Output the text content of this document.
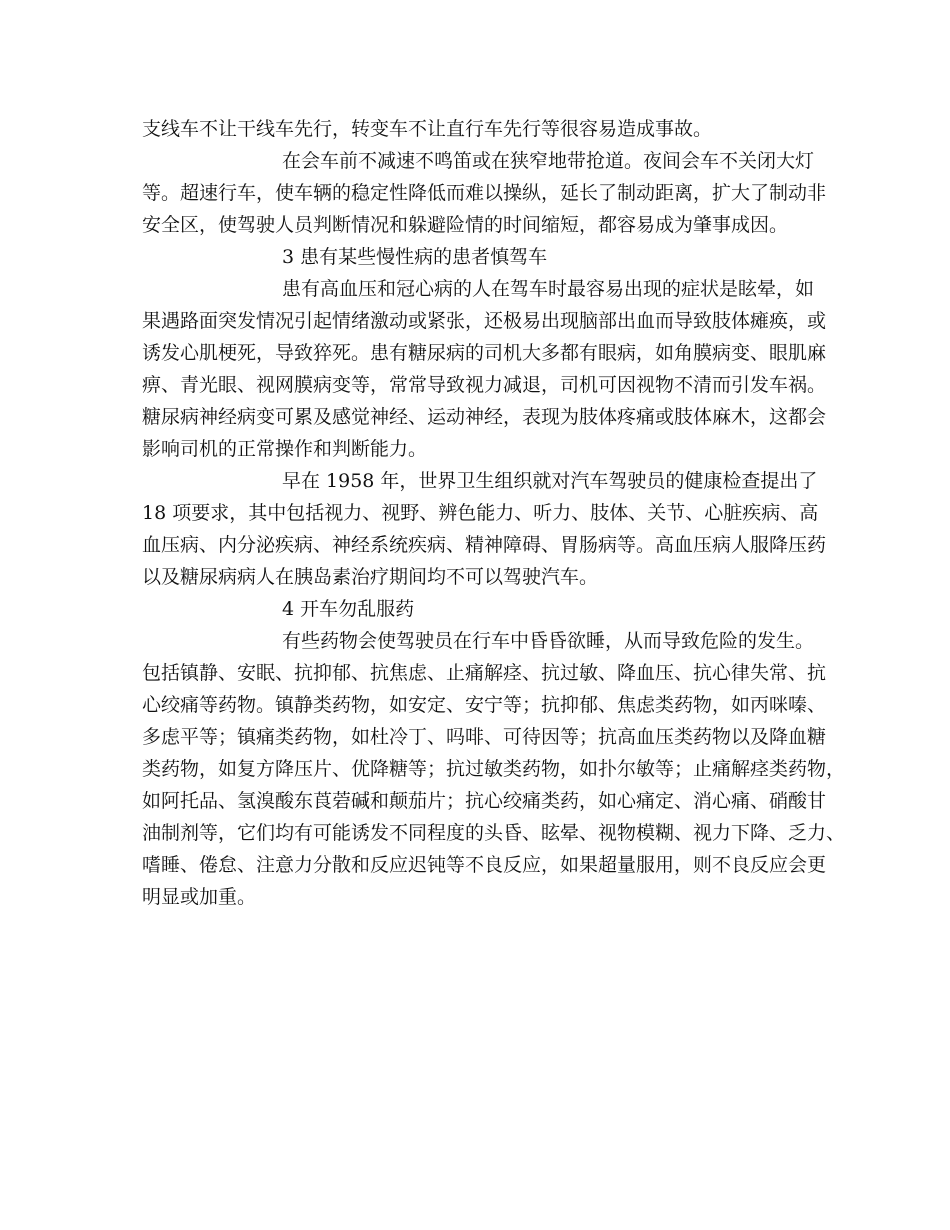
支线车不让干线车先行，转变车不让直行车先行等很容易造成事故。
在会车前不减速不鸣笛或在狭窄地带抢道。夜间会车不关闭大灯
等。超速行车，使车辆的稳定性降低而难以操纵，延长了制动距离，扩大了制动非
安全区，使驾驶人员判断情况和躲避险情的时间缩短，都容易成为肇事成因。
3 患有某些慢性病的患者慎驾车
患有高血压和冠心病的人在驾车时最容易出现的症状是眩晕，如
果遇路面突发情况引起情绪激动或紧张，还极易出现脑部出血而导致肢体瘫痪，或
诱发心肌梗死，导致猝死。患有糖尿病的司机大多都有眼病，如角膜病变、眼肌麻
痹、青光眼、视网膜病变等，常常导致视力减退，司机可因视物不清而引发车祸。
糖尿病神经病变可累及感觉神经、运动神经，表现为肢体疼痛或肢体麻木，这都会
影响司机的正常操作和判断能力。
早在 1958 年，世界卫生组织就对汽车驾驶员的健康检查提出了
18 项要求，其中包括视力、视野、辨色能力、听力、肢体、关节、心脏疾病、高
血压病、内分泌疾病、神经系统疾病、精神障碍、胃肠病等。高血压病人服降压药
以及糖尿病病人在胰岛素治疗期间均不可以驾驶汽车。
4 开车勿乱服药
有些药物会使驾驶员在行车中昏昏欲睡，从而导致危险的发生。
包括镇静、安眠、抗抑郁、抗焦虑、止痛解痉、抗过敏、降血压、抗心律失常、抗
心绞痛等药物。镇静类药物，如安定、安宁等；抗抑郁、焦虑类药物，如丙咪嗪、
多虑平等；镇痛类药物，如杜冷丁、吗啡、可待因等；抗高血压类药物以及降血糖
类药物，如复方降压片、优降糖等；抗过敏类药物，如扑尔敏等；止痛解痉类药物，
如阿托品、氢溴酸东莨菪碱和颠茄片；抗心绞痛类药，如心痛定、消心痛、硝酸甘
油制剂等，它们均有可能诱发不同程度的头昏、眩晕、视物模糊、视力下降、乏力、
嗜睡、倦怠、注意力分散和反应迟钝等不良反应，如果超量服用，则不良反应会更
明显或加重。
